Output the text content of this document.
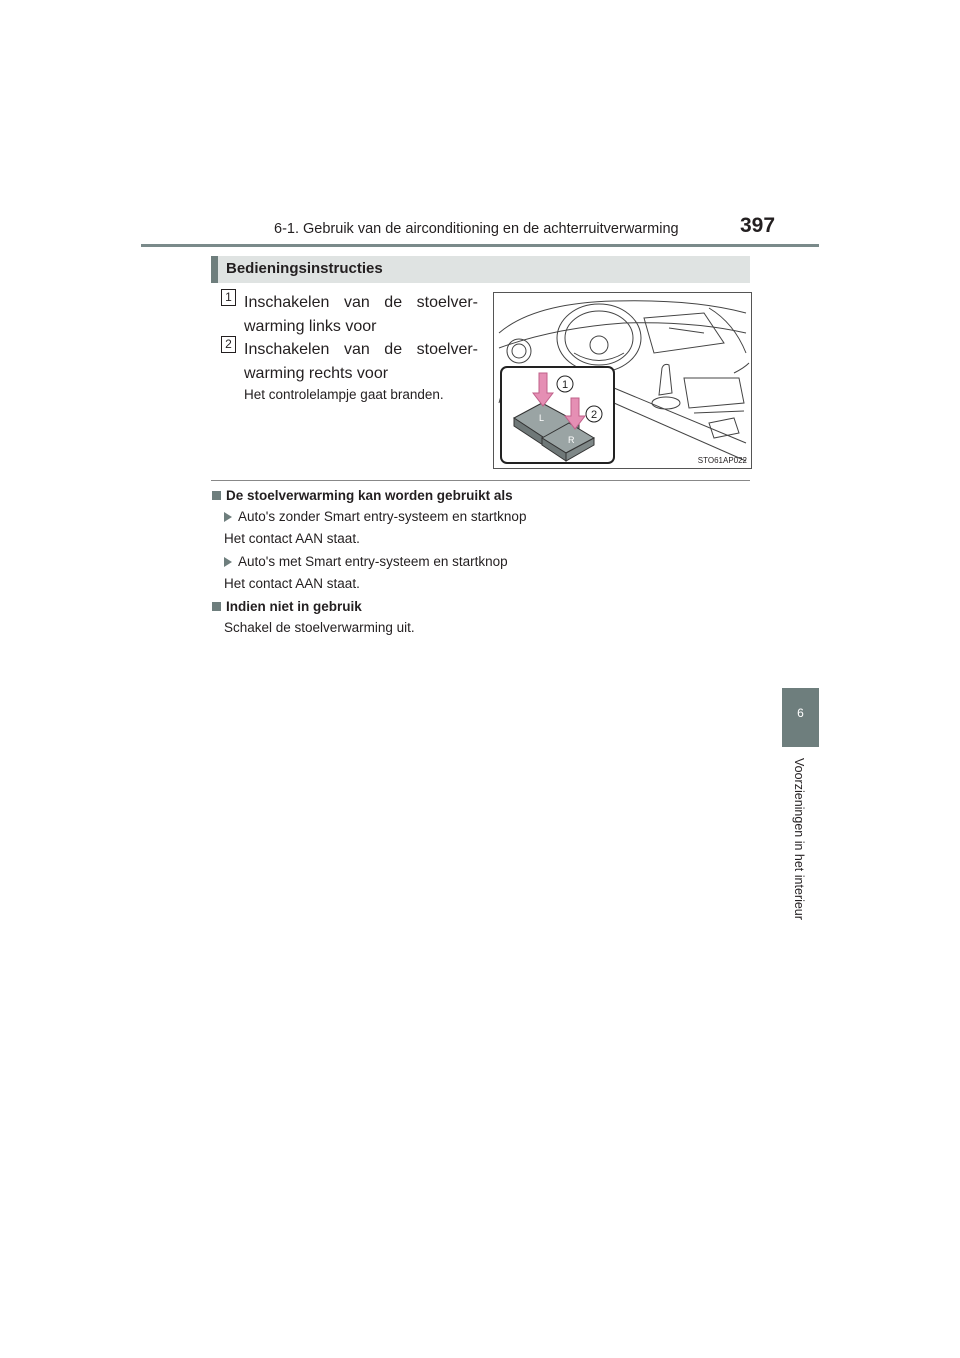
6-1. Gebruik van de airconditioning en de achterruitverwarming	397
6
Voorzieningen in het interieur
Bedieningsinstructies
1 Inschakelen van de stoelver-warming links voor
2 Inschakelen van de stoelver-warming rechts voor
Het controlelampje gaat branden.
L
R
1
2
STO61AP022
De stoelverwarming kan worden gebruikt als
Auto's zonder Smart entry-systeem en startknop
Het contact AAN staat.
Auto's met Smart entry-systeem en startknop
Het contact AAN staat.
Indien niet in gebruik
Schakel de stoelverwarming uit.
